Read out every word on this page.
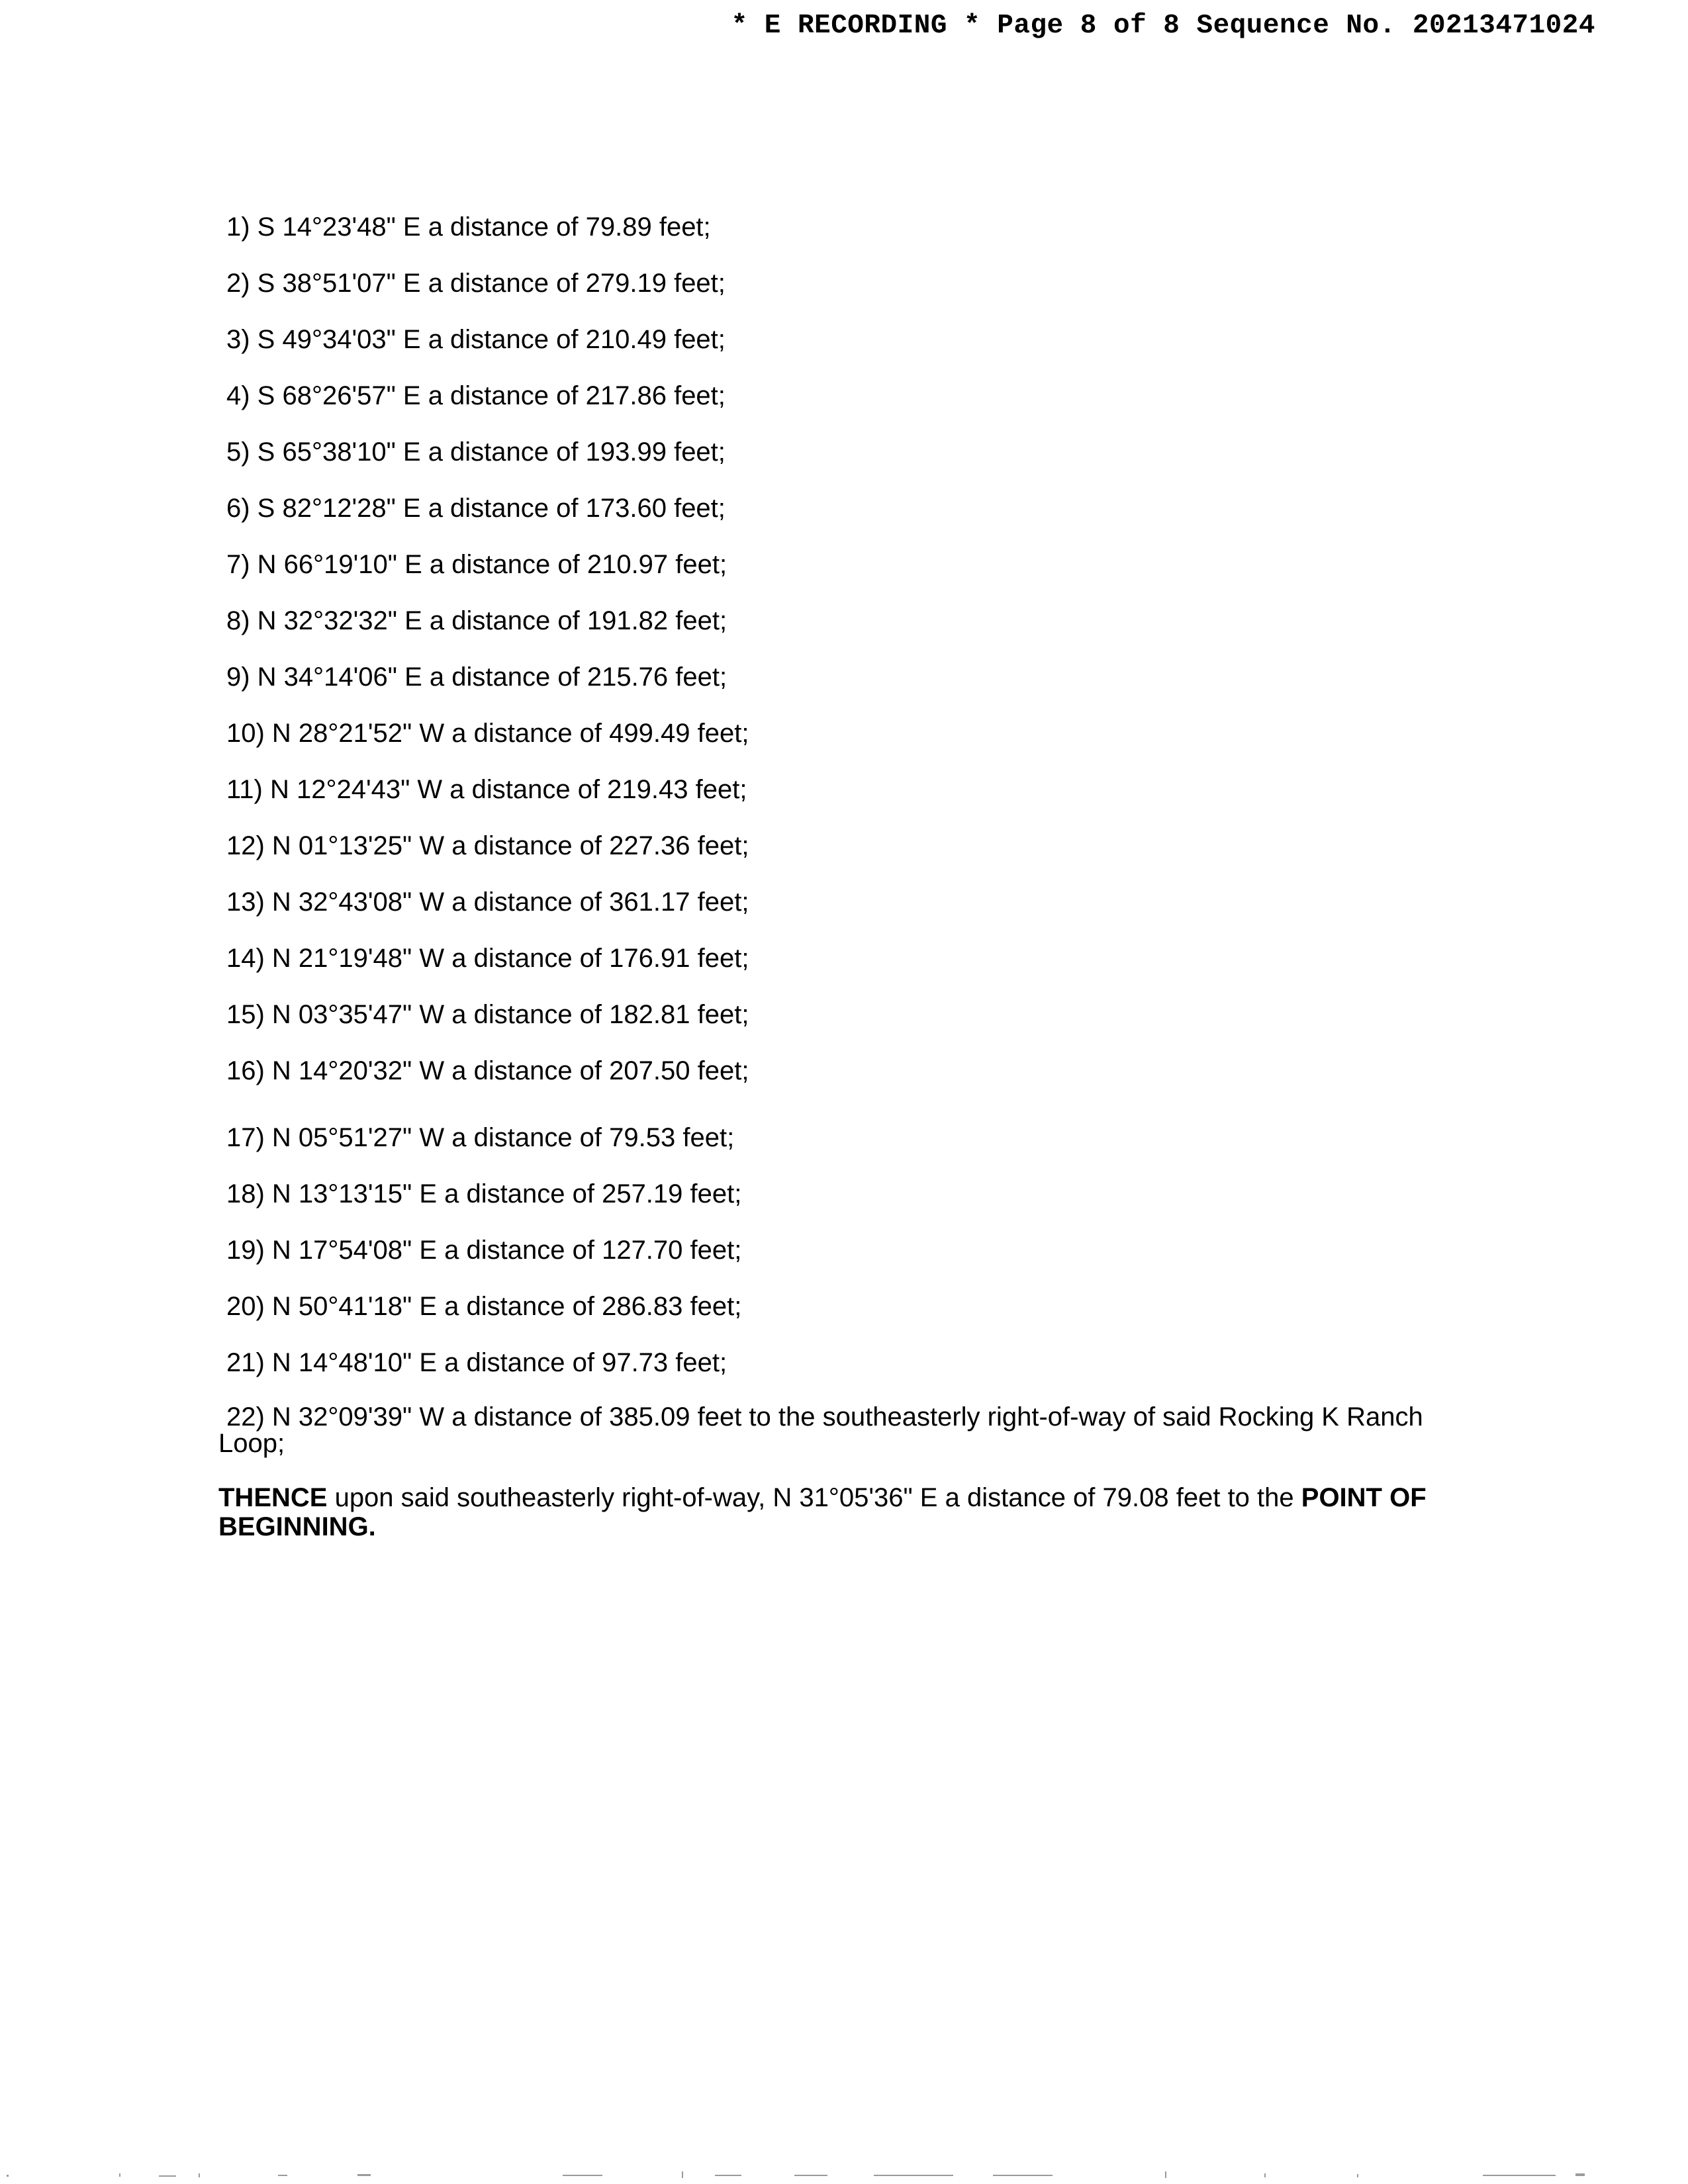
* E RECORDING * Page 8 of 8 Sequence No. 20213471024
1) S 14°23'48" E a distance of 79.89 feet;
2) S 38°51'07" E a distance of 279.19 feet;
3) S 49°34'03" E a distance of 210.49 feet;
4) S 68°26'57" E a distance of 217.86 feet;
5) S 65°38'10" E a distance of 193.99 feet;
6) S 82°12'28" E a distance of 173.60 feet;
7) N 66°19'10" E a distance of 210.97 feet;
8) N 32°32'32" E a distance of 191.82 feet;
9) N 34°14'06" E a distance of 215.76 feet;
10) N 28°21'52" W a distance of 499.49 feet;
11) N 12°24'43" W a distance of 219.43 feet;
12) N 01°13'25" W a distance of 227.36 feet;
13) N 32°43'08" W a distance of 361.17 feet;
14) N 21°19'48" W a distance of 176.91 feet;
15) N 03°35'47" W a distance of 182.81 feet;
16) N 14°20'32" W a distance of 207.50 feet;
17) N 05°51'27" W a distance of 79.53 feet;
18) N 13°13'15" E a distance of 257.19 feet;
19) N 17°54'08" E a distance of 127.70 feet;
20) N 50°41'18" E a distance of 286.83 feet;
21) N 14°48'10" E a distance of 97.73 feet;
22) N 32°09'39" W a distance of 385.09 feet to the southeasterly right-of-way of said Rocking K Ranch Loop;
THENCE upon said southeasterly right-of-way, N 31°05'36" E a distance of 79.08 feet to the POINT OF BEGINNING.
